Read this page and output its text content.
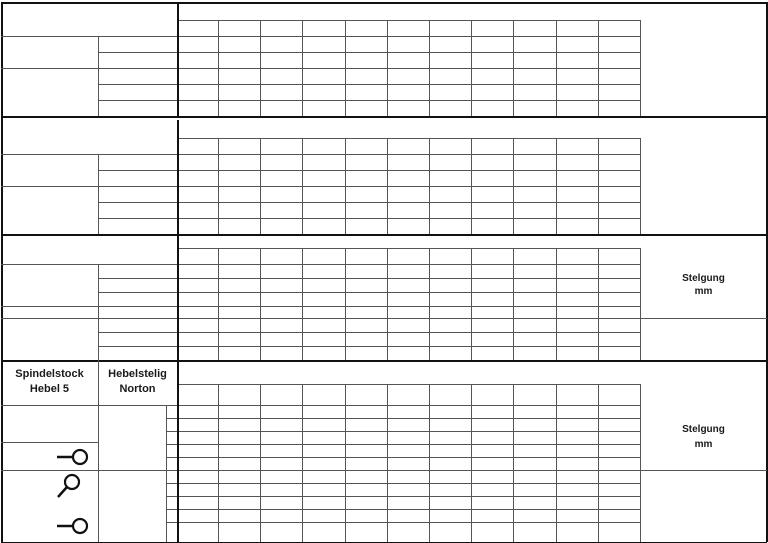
Stelgung
mm
Spindelstock
Hebel 5
Hebelstelig
Norton
Stelgung
mm
